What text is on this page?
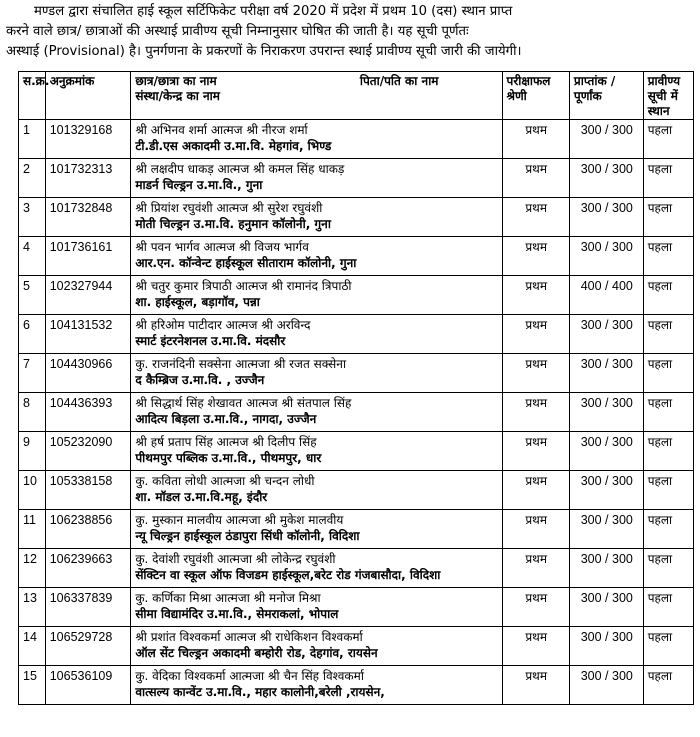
मण्डल द्वारा संचालित हाई स्कूल सर्टिफिकेट परीक्षा वर्ष 2020 में प्रदेश में प्रथम 10 (दस) स्थान प्राप्त

करने वाले छात्र/ छात्राओं की अस्थाई प्रावीण्य सूची निम्नानुसार घोषित की जाती है। यह सूची पूर्णतः

अस्थाई (Provisional) है। पुनर्गणना के प्रकरणों के निराकरण उपरान्त स्थाई प्रावीण्य सूची जारी की जायेगी।

स.क्र.	अनुक्रमांक	छात्र/छात्रा का नाम पिता/पति का नाम
संस्था/केन्द्र का नाम	परीक्षाफल श्रेणी	प्राप्तांक / पूर्णांक	प्रावीण्य सूची में स्थान
1	101329168	श्री अभिनव शर्मा आत्मज श्री नीरज शर्मा
टी.डी.एस अकादमी उ.मा.वि. मेहगांव, भिण्ड	प्रथम	300 / 300	पहला
2	101732313	श्री लक्षदीप धाकड़ आत्मज श्री कमल सिंह धाकड़
माडर्न चिल्ड्रन उ.मा.वि., गुना	प्रथम	300 / 300	पहला
3	101732848	श्री प्रियांश रघुवंशी आत्मज श्री सुरेश रघुवंशी
मोती चिल्ड्रन उ.मा.वि. हनुमान कॉलोनी, गुना	प्रथम	300 / 300	पहला
4	101736161	श्री पवन भार्गव आत्मज श्री विजय भार्गव
आर.एन. कॉन्वेन्ट हाईस्कूल सीताराम कॉलोनी, गुना	प्रथम	300 / 300	पहला
5	102327944	श्री चतुर कुमार त्रिपाठी आत्मज श्री रामानंद त्रिपाठी
शा. हाईस्कूल, बड़ागॉव, पन्ना	प्रथम	400 / 400	पहला
6	104131532	श्री हरिओम पाटीदार आत्मज श्री अरविन्द
स्मार्ट इंटरनेशनल उ.मा.वि. मंदसौर	प्रथम	300 / 300	पहला
7	104430966	कु. राजनंदिनी सक्सेना आत्मजा श्री रजत सक्सेना
द कैम्ब्रिज उ.मा.वि. , उज्जैन	प्रथम	300 / 300	पहला
8	104436393	श्री सिद्धार्थ सिंह शेखावत आत्मज श्री संतपाल सिंह
आदित्य बिड़ला उ.मा.वि., नागदा, उज्जैन	प्रथम	300 / 300	पहला
9	105232090	श्री हर्ष प्रताप सिंह आत्मज श्री दिलीप सिंह
पीथमपुर पब्लिक उ.मा.वि., पीथमपुर, धार	प्रथम	300 / 300	पहला
10	105338158	कु. कविता लोधी आत्मजा श्री चन्दन लोधी
शा. मॉडल उ.मा.वि.महू, इंदौर	प्रथम	300 / 300	पहला
11	106238856	कु. मुस्कान मालवीय आत्मजा श्री मुकेश मालवीय
न्यू चिल्ड्रन हाईस्कूल ठंडापुरा सिंधी कॉलोनी, विदिशा	प्रथम	300 / 300	पहला
12	106239663	कु. देवांशी रघुवंशी आत्मजा श्री लोकेन्द्र रघुवंशी
सेंक्टिन वा स्कूल ऑफ विजडम हाईस्कूल,बरेट रोड गंजबासौदा, विदिशा	प्रथम	300 / 300	पहला
13	106337839	कु. कर्णिका मिश्रा आत्मजा श्री मनोज मिश्रा
सीमा विद्यामंदिर उ.मा.वि., सेमराकलां, भोपाल	प्रथम	300 / 300	पहला
14	106529728	श्री प्रशांत विश्वकर्मा आत्मज श्री राधेकिशन विश्वकर्मा
ऑल सेंट चिल्ड्रन अकादमी बम्होरी रोड, देहगांव, रायसेन	प्रथम	300 / 300	पहला
15	106536109	कु. वेदिका विश्वकर्मा आत्मजा श्री चैन सिंह विश्वकर्मा
वात्सल्य कान्वेंट उ.मा.वि., महार कालोनी,बरेली ,रायसेन,	प्रथम	300 / 300	पहला
